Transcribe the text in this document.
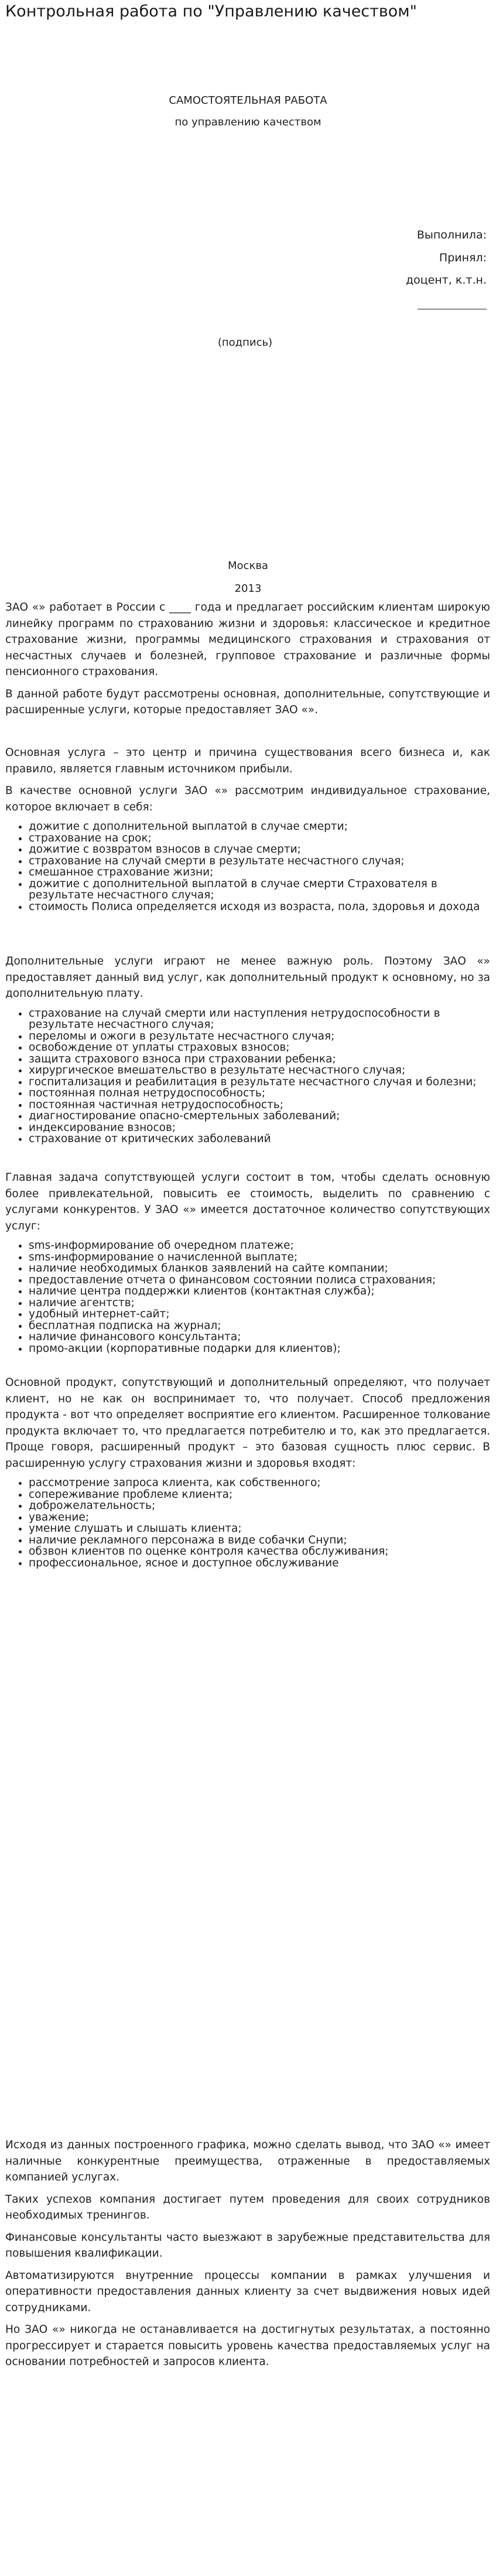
Контрольная работа по "Управлению качеством"
САМОСТОЯТЕЛЬНАЯ РАБОТА
по управлению качеством
Выполнила:
Принял:
доцент, к.т.н.
(подпись)
Москва
2013

ЗАО «» работает в России с ____ года и предлагает российским клиентам широкую линейку программ по страхованию жизни и здоровья: классическое и кредитное страхование жизни, программы медицинского страхования и страхования от несчастных случаев и болезней, групповое страхование и различные формы пенсионного страхования.

В данной работе будут рассмотрены основная, дополнительные, сопутствующие и расширенные услуги, которые предоставляет ЗАО «».

Основная услуга – это центр и причина существования всего бизнеса и, как правило, является главным источником прибыли.

В качестве основной услуги ЗАО «» рассмотрим индивидуальное страхование, которое включает в себя:

• дожитие с дополнительной выплатой в случае смерти;
• страхование на срок;
• дожитие с возвратом взносов в случае смерти;
• страхование на случай смерти в результате несчастного случая;
• смешанное страхование жизни;
• дожитие с дополнительной выплатой в случае смерти Страхователя в результате несчастного случая;
• стоимость Полиса определяется исходя из возраста, пола, здоровья и дохода

Дополнительные услуги играют не менее важную роль. Поэтому ЗАО «» предоставляет данный вид услуг, как дополнительный продукт к основному, но за дополнительную плату.

• страхование на случай смерти или наступления нетрудоспособности в результате несчастного случая;
• переломы и ожоги в результате несчастного случая;
• освобождение от уплаты страховых взносов;
• защита страхового взноса при страховании ребенка;
• хирургическое вмешательство в результате несчастного случая;
• госпитализация и реабилитация в результате несчастного случая и болезни;
• постоянная полная нетрудоспособность;
• постоянная частичная нетрудоспособность;
• диагностирование опасно-смертельных заболеваний;
• индексирование взносов;
• страхование от критических заболеваний

Главная задача сопутствующей услуги состоит в том, чтобы сделать основную более привлекательной, повысить ее стоимость, выделить по сравнению с услугами конкурентов. У ЗАО «» имеется достаточное количество сопутствующих услуг:

• sms-информирование об очередном платеже;
• sms-информирование о начисленной выплате;
• наличие необходимых бланков заявлений на сайте компании;
• предоставление отчета о финансовом состоянии полиса страхования;
• наличие центра поддержки клиентов (контактная служба);
• наличие агентств;
• удобный интернет-сайт;
• бесплатная подписка на журнал;
• наличие финансового консультанта;
• промо-акции (корпоративные подарки для клиентов);

Основной продукт, сопутствующий и дополнительный определяют, что получает клиент, но не как он воспринимает то, что получает. Способ предложения продукта - вот что определяет восприятие его клиентом. Расширенное толкование продукта включает то, что предлагается потребителю и то, как это предлагается. Проще говоря, расширенный продукт – это базовая сущность плюс сервис. В расширенную услугу страхования жизни и здоровья входят:

• рассмотрение запроса клиента, как собственного;
• сопереживание проблеме клиента;
• доброжелательность;
• уважение;
• умение слушать и слышать клиента;
• наличие рекламного персонажа в виде собачки Снупи;
• обзвон клиентов по оценке контроля качества обслуживания;
• профессиональное, ясное и доступное обслуживание

Исходя из данных построенного графика, можно сделать вывод, что ЗАО «» имеет наличные конкурентные преимущества, отраженные в предоставляемых компанией услугах.

Таких успехов компания достигает путем проведения для своих сотрудников необходимых тренингов.

Финансовые консультанты часто выезжают в зарубежные представительства для повышения квалификации.

Автоматизируются внутренние процессы компании в рамках улучшения и оперативности предоставления данных клиенту за счет выдвижения новых идей сотрудниками.

Но ЗАО «» никогда не останавливается на достигнутых результатах, а постоянно прогрессирует и старается повысить уровень качества предоставляемых услуг на основании потребностей и запросов клиента.
